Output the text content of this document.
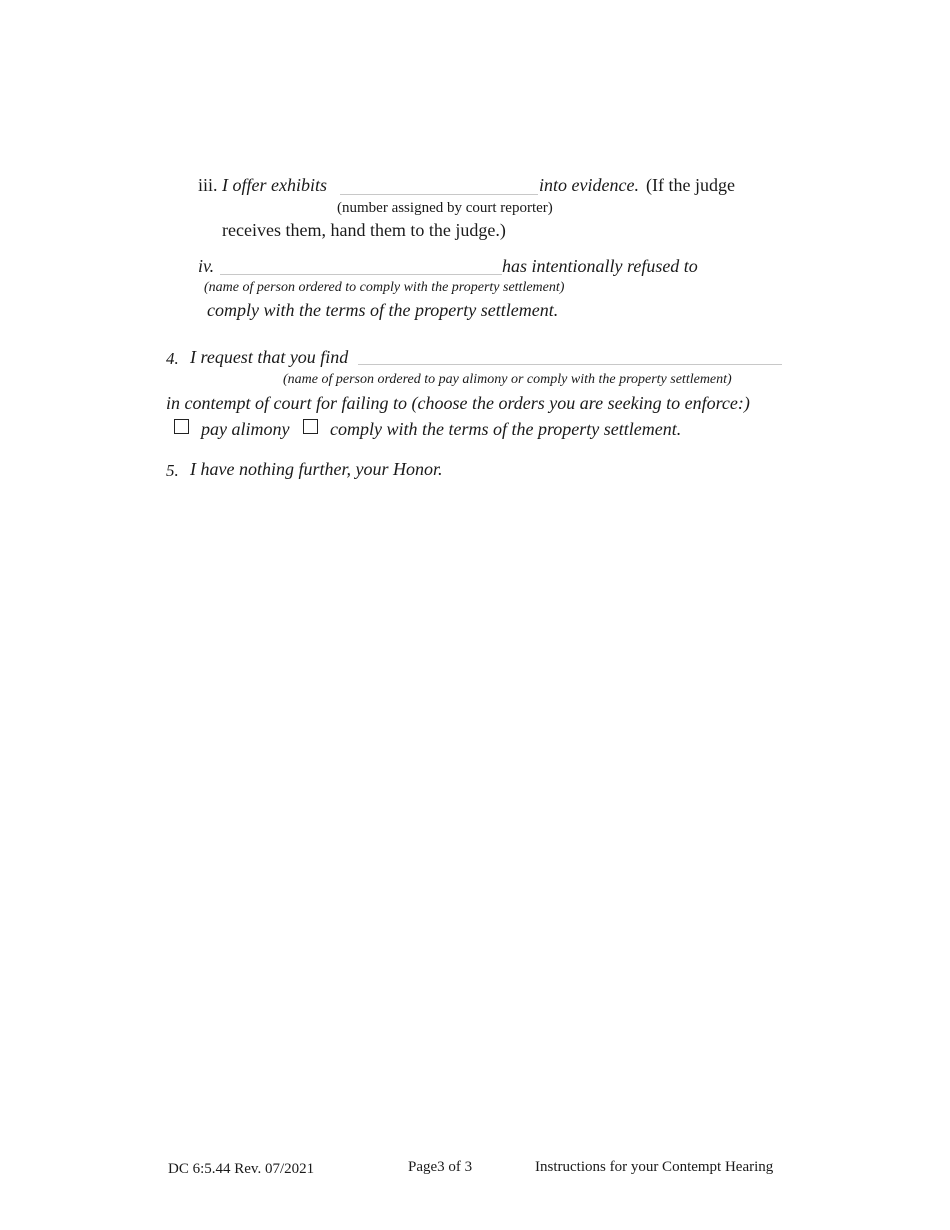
iii. I offer exhibits	into evidence. (If the judge
(number assigned by court reporter)
receives them, hand them to the judge.)
iv.	has intentionally refused to
(name of person ordered to comply with the property settlement)
comply with the terms of the property settlement.
4. I request that you find
(name of person ordered to pay alimony or comply with the property settlement)
in contempt of court for failing to (choose the orders you are seeking to enforce:)
pay alimony comply with the terms of the property settlement.
5. I have nothing further, your Honor.
DC 6:5.44 Rev. 07/2021	Page3 of 3	Instructions for your Contempt Hearing
